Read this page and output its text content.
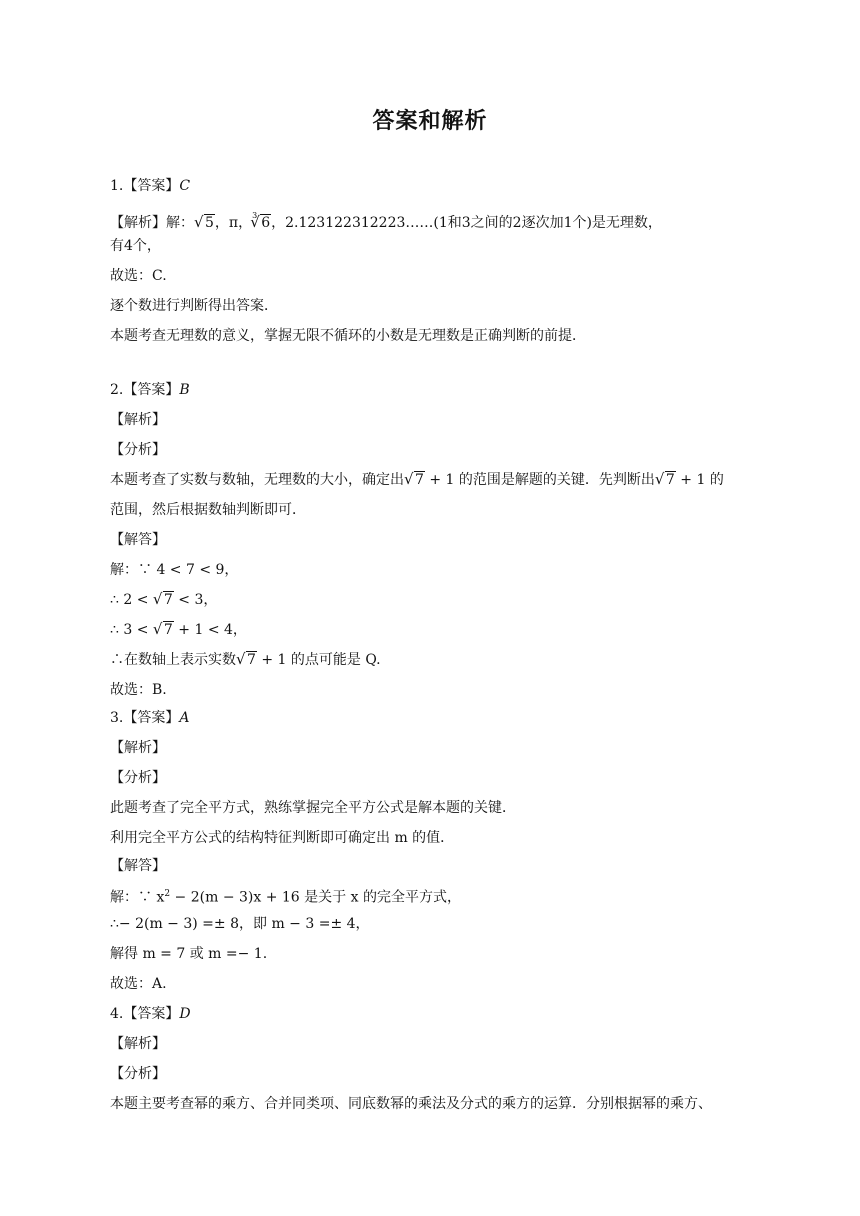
答案和解析
1.【答案】C
【解析】解： √ 5，π，$^3$ √ 6，2.123122312223……(1和3之间的2逐次加1个)是无理数，
有4个，
故选：C.
逐个数进行判断得出答案．
本题考查无理数的意义，掌握无限不循环的小数是无理数是正确判断的前提．
2.【答案】B
【解析】
【分析】
本题考查了实数与数轴，无理数的大小，确定出 √ 7 + 1 的范围是解题的关键．先判断出 √ 7 + 1 的
范围，然后根据数轴判断即可．
【解答】
解：∵ 4 < 7 < 9，
∴ 2 < √ 7 < 3，
∴ 3 < √ 7 + 1 < 4，
∴在数轴上表示实数 √ 7 + 1 的点可能是 Q.
故选：B.
3.【答案】A
【解析】
【分析】
此题考查了完全平方式，熟练掌握完全平方公式是解本题的关键．
利用完全平方公式的结构特征判断即可确定出 m 的值．
【解答】
解：∵ $x^2 - 2(m - 3)x + 16$ 是关于 x 的完全平方式，
∴− 2(m − 3) =± 8，即 m − 3 =± 4，
解得 m = 7 或 m =− 1.
故选：A.
4.【答案】D
【解析】
【分析】
本题主要考查幂的乘方、合并同类项、同底数幂的乘法及分式的乘方的运算．分别根据幂的乘方、
